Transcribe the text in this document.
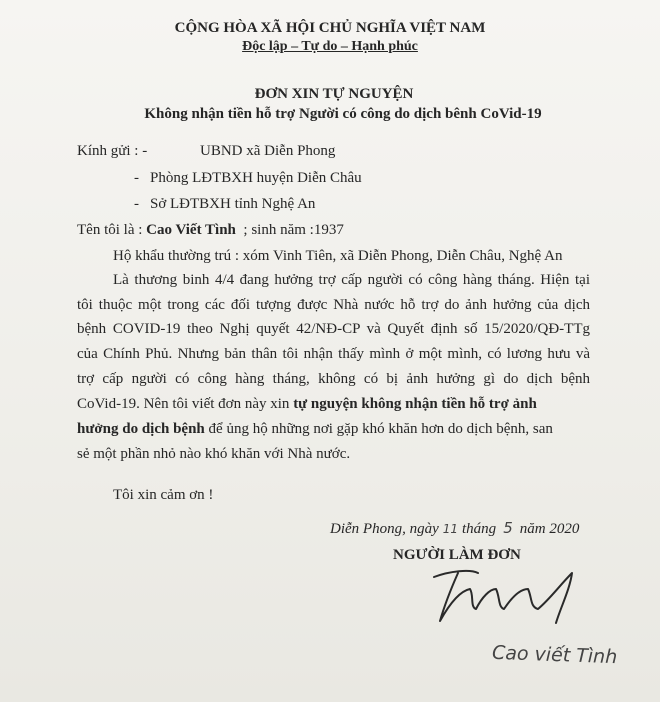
CỘNG HÒA XÃ HỘI CHỦ NGHĨA VIỆT NAM
Độc lập – Tự do – Hạnh phúc
ĐƠN XIN TỰ NGUYỆN
Không nhận tiền hỗ trợ Người có công do dịch bênh CoVid-19
Kính gửi : -	UBND xã Diễn Phong
- Phòng LĐTBXH huyện Diễn Châu
- Sở LĐTBXH tỉnh Nghệ An
Tên tôi là : Cao Viết Tình ; sinh năm :1937
Hộ khẩu thường trú : xóm Vinh Tiên, xã Diễn Phong, Diễn Châu, Nghệ An
Là thương binh 4/4 đang hưởng trợ cấp người có công hàng tháng. Hiện tại
tôi thuộc một trong các đối tượng được Nhà nước hỗ trợ do ảnh hưởng của dịch
bệnh COVID-19 theo Nghị quyết 42/NĐ-CP và Quyết định số 15/2020/QĐ-TTg
của Chính Phủ. Nhưng bản thân tôi nhận thấy mình ở một mình, có lương hưu và
trợ cấp người có công hàng tháng, không có bị ảnh hưởng gì do dịch bệnh
CoVid-19. Nên tôi viết đơn này xin tự nguyện không nhận tiền hỗ trợ ảnh
hưởng do dịch bệnh để ủng hộ những nơi gặp khó khăn hơn do dịch bệnh, san
sẻ một phần nhỏ nào khó khăn với Nhà nước.
Tôi xin cảm ơn !
Diễn Phong, ngày 11 tháng 5 năm 2020
NGƯỜI LÀM ĐƠN
Cao viết Tình
